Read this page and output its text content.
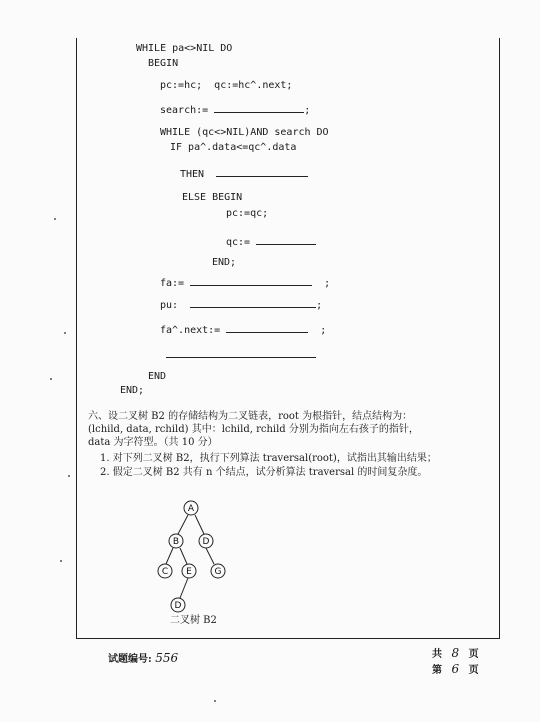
WHILE pa<>NIL DO
BEGIN
pc:=hc;  qc:=hc^.next;
search:=	;
WHILE (qc<>NIL)AND search DO
IF pa^.data<=qc^.data
THEN
ELSE BEGIN
pc:=qc;
qc:=
END;
fa:=	;
pu:	;
fa^.next:=	;
END
END;
六、设二叉树 B2 的存储结构为二叉链表，root 为根指针，结点结构为：
(lchild, data, rchild) 其中：lchild, rchild 分别为指向左右孩子的指针，
data 为字符型。（共 10 分）
1. 对下列二叉树 B2，执行下列算法 traversal(root)，试指出其输出结果；
2. 假定二叉树 B2 共有 n 个结点，试分析算法 traversal 的时间复杂度。
A
B	D
C E	G
D
二叉树 B2
试题编号: 556	共 8 页
第 6 页
